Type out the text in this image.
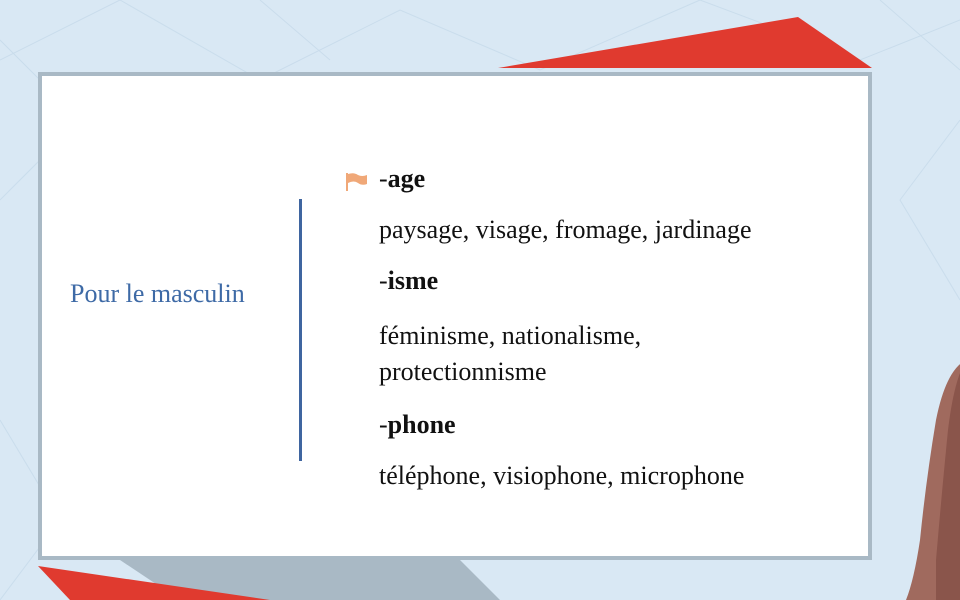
Pour le masculin
-age
paysage, visage, fromage, jardinage
-isme
féminisme, nationalisme,
protectionnisme
-phone
téléphone, visiophone, microphone
